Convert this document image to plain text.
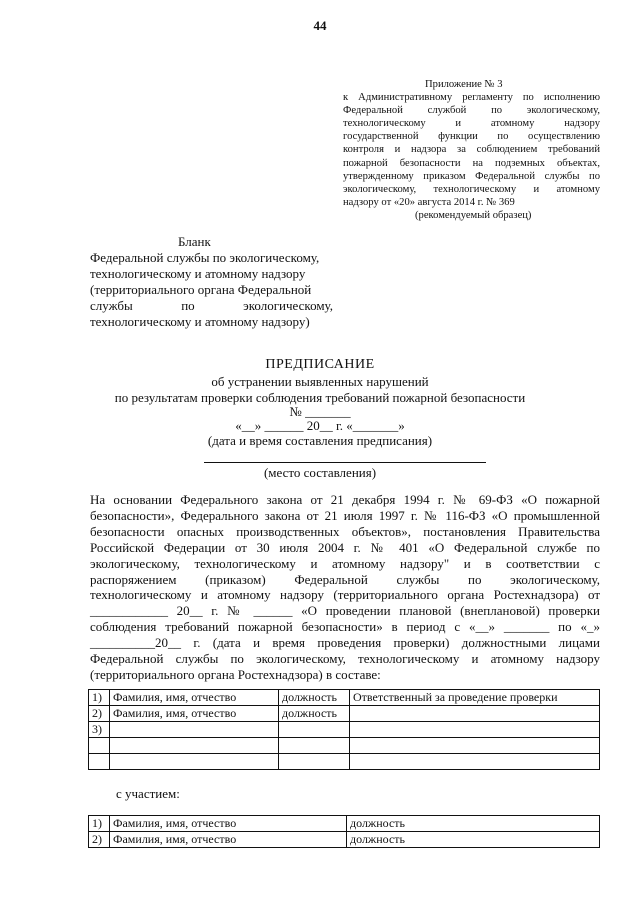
44
Приложение № 3
к Административному регламенту по исполнению
Федеральной службой по экологическому,
технологическому и атомному надзору
государственной функции по осуществлению
контроля и надзора за соблюдением требований
пожарной безопасности на подземных объектах,
утвержденному приказом Федеральной службы по
экологическому, технологическому и атомному
надзору от «20» августа 2014 г. № 369
(рекомендуемый образец)
Бланк
Федеральной службы по экологическому,
технологическому и атомному надзору
(территориального органа Федеральной
службы по экологическому,
технологическому и атомному надзору)
ПРЕДПИСАНИЕ
об устранении выявленных нарушений
по результатам проверки соблюдения требований пожарной безопасности
№ _______
«__» ______ 20__ г. «_______»
(дата и время составления предписания)
(место составления)
На основании Федерального закона от 21 декабря 1994 г. № 69-ФЗ «О пожарной
безопасности», Федерального закона от 21 июля 1997 г. № 116-ФЗ «О промышленной
безопасности опасных производственных объектов», постановления Правительства
Российской Федерации от 30 июля 2004 г. № 401 «О Федеральной службе по
экологическому, технологическому и атомному надзору" и в соответствии с
распоряжением (приказом) Федеральной службы по экологическому,
технологическому и атомному надзору (территориального органа Ростехнадзора) от
____________ 20__ г. № ______ «О проведении плановой (внеплановой) проверки
соблюдения требований пожарной безопасности» в период с «__» _______ по «_»
__________20__ г. (дата и время проведения проверки) должностными лицами
Федеральной службы по экологическому, технологическому и атомному надзору
(территориального органа Ростехнадзора) в составе:
1)	Фамилия, имя, отчество	должность	Ответственный за проведение проверки
2)	Фамилия, имя, отчество	должность	
3)			

с участием:
1)	Фамилия, имя, отчество	должность
2)	Фамилия, имя, отчество	должность
